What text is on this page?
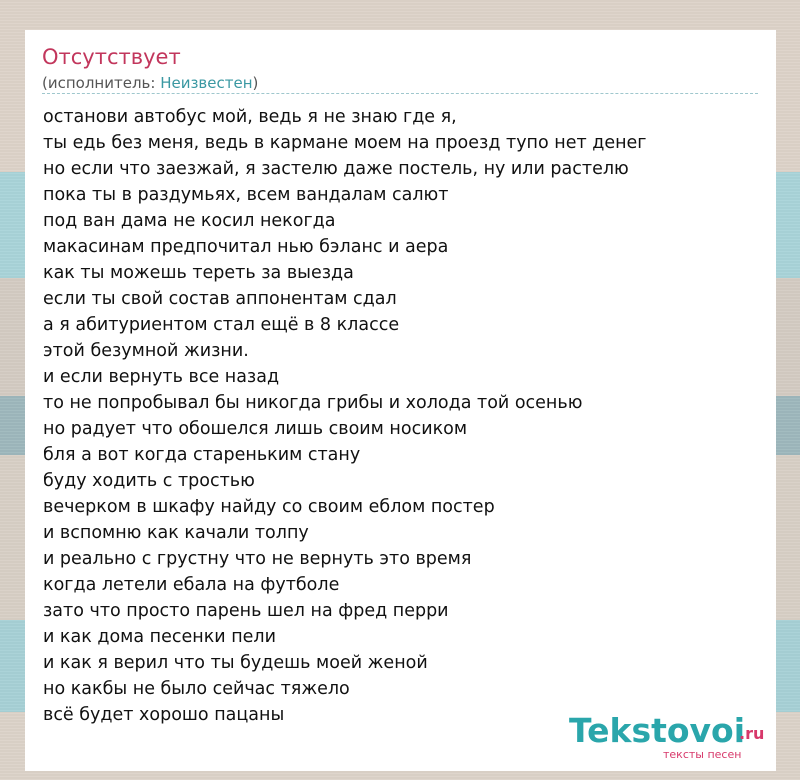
Отсутствует
(исполнитель: Неизвестен)
останови автобус мой, ведь я не знаю где я,
ты едь без меня, ведь в кармане моем на проезд тупо нет денег
но если что заезжай, я застелю даже постель, ну или растелю
пока ты в раздумьях, всем вандалам салют
под ван дама не косил некогда
макасинам предпочитал нью бэланс и аера
как ты можешь тереть за выезда
если ты свой состав аппонентам сдал
а я абитуриентом стал ещё в 8 классе
этой безумной жизни.
и если вернуть все назад
то не попробывал бы никогда грибы и холода той осенью
но радует что обошелся лишь своим носиком
бля а вот когда стареньким стану
буду ходить с тростью
вечерком в шкафу найду со своим еблом постер
и вспомню как качали толпу
и реально с грустну что не вернуть это время
когда летели ебала на футболе
зато что просто парень шел на фред перри
и как дома песенки пели
и как я верил что ты будешь моей женой
но какбы не было сейчас тяжело
всё будет хорошо пацаны	Tekstovoi
.ru
тексты песен
